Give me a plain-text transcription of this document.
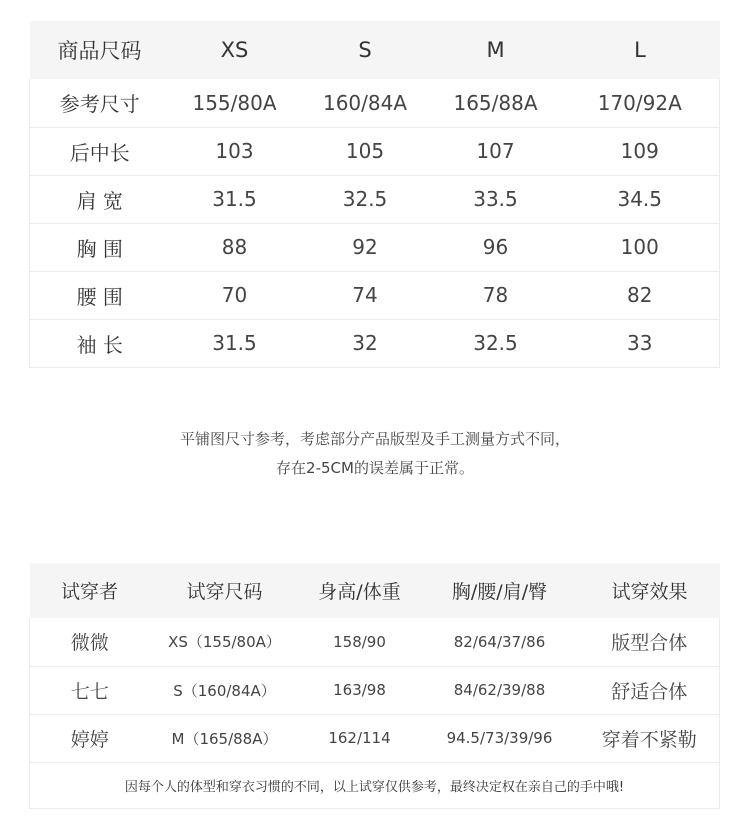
商品尺码	XS	S	M	L
参考尺寸	155/80A	160/84A	165/88A	170/92A
后中长	103	105	107	109
肩 宽	31.5	32.5	33.5	34.5
胸 围	88	92	96	100
腰 围	70	74	78	82
袖 长	31.5	32	32.5	33
平铺图尺寸参考，考虑部分产品版型及手工测量方式不同，
存在2-5CM的误差属于正常。
试穿者	试穿尺码	身高/体重	胸/腰/肩/臀	试穿效果
微微	XS（155/80A）	158/90	82/64/37/86	版型合体
七七	S（160/84A）	163/98	84/62/39/88	舒适合体
婷婷	M（165/88A）	162/114	94.5/73/39/96	穿着不紧勒
因每个人的体型和穿衣习惯的不同，以上试穿仅供参考，最终决定权在亲自己的手中哦!				
